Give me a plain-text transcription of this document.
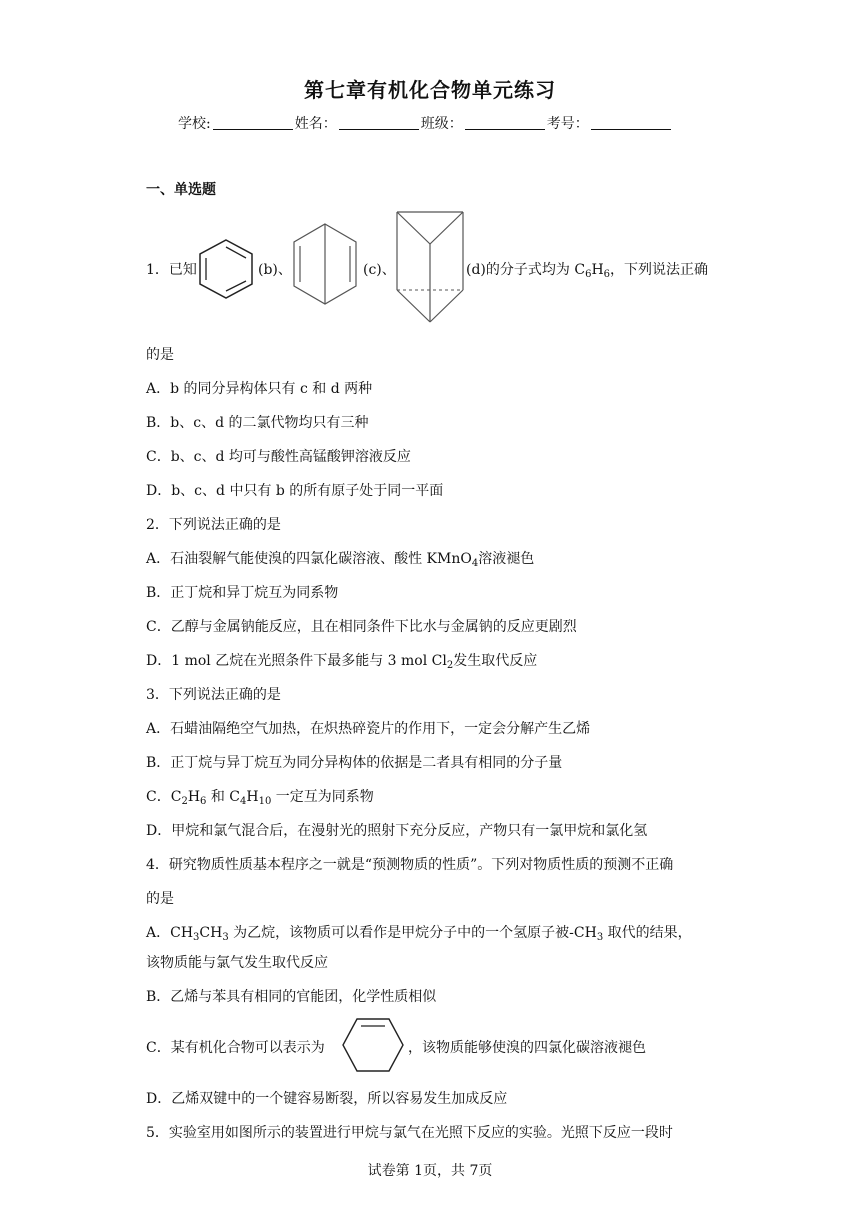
第七章有机化合物单元练习
学校:	姓名：	班级：	考号：
一、单选题
1．已知	(b)、	(c)、	(d)的分子式均为 $C_6H_6$，下列说法正确
的是
A．b 的同分异构体只有 c 和 d 两种
B．b、c、d 的二氯代物均只有三种
C．b、c、d 均可与酸性高锰酸钾溶液反应
D．b、c、d 中只有 b 的所有原子处于同一平面
2．下列说法正确的是
A．石油裂解气能使溴的四氯化碳溶液、酸性 KMnO$_4$溶液褪色
B．正丁烷和异丁烷互为同系物
C．乙醇与金属钠能反应，且在相同条件下比水与金属钠的反应更剧烈
D．1 mol 乙烷在光照条件下最多能与 3 mol $Cl_2$发生取代反应
3．下列说法正确的是
A．石蜡油隔绝空气加热，在炽热碎瓷片的作用下，一定会分解产生乙烯
B．正丁烷与异丁烷互为同分异构体的依据是二者具有相同的分子量
C．$C_2H_6$ 和 $C_4H_{10}$ 一定互为同系物
D．甲烷和氯气混合后，在漫射光的照射下充分反应，产物只有一氯甲烷和氯化氢
4．研究物质性质基本程序之一就是“预测物质的性质”。下列对物质性质的预测不正确
的是
A．$CH_3CH_3$ 为乙烷，该物质可以看作是甲烷分子中的一个氢原子被$-CH_3$ 取代的结果，
该物质能与氯气发生取代反应
B．乙烯与苯具有相同的官能团，化学性质相似
C．某有机化合物可以表示为	，该物质能够使溴的四氯化碳溶液褪色
D．乙烯双键中的一个键容易断裂，所以容易发生加成反应
5．实验室用如图所示的装置进行甲烷与氯气在光照下反应的实验。光照下反应一段时
试卷第 1页，共 7页
